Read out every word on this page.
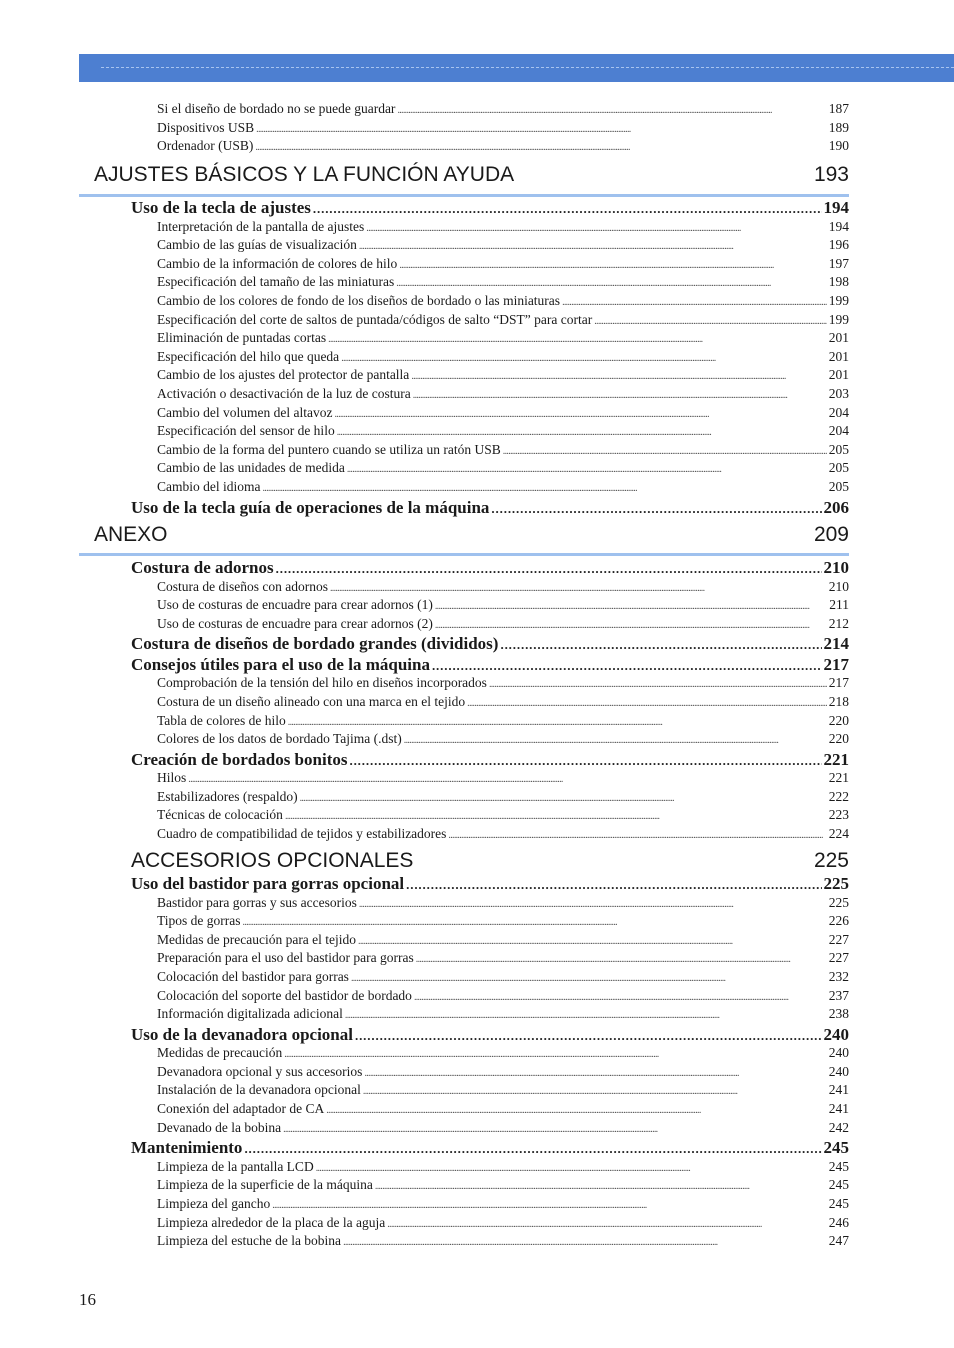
Si el diseño de bordado no se puede guardar . . .	187
Dispositivos USB . . .	189
Ordenador (USB) . . .	190
AJUSTES BÁSICOS Y LA FUNCIÓN AYUDA	193
Uso de la tecla de ajustes . . .	194
Interpretación de la pantalla de ajustes . . .	194
Cambio de las guías de visualización . . .	196
Cambio de la información de colores de hilo . . .	197
Especificación del tamaño de las miniaturas . . .	198
Cambio de los colores de fondo de los diseños de bordado o las miniaturas . . .	199
Especificación del corte de saltos de puntada/códigos de salto “DST” para cortar . . .	199
Eliminación de puntadas cortas . . .	201
Especificación del hilo que queda . . .	201
Cambio de los ajustes del protector de pantalla . . .	201
Activación o desactivación de la luz de costura . . .	203
Cambio del volumen del altavoz . . .	204
Especificación del sensor de hilo . . .	204
Cambio de la forma del puntero cuando se utiliza un ratón USB . . .	205
Cambio de las unidades de medida . . .	205
Cambio del idioma . . .	205
Uso de la tecla guía de operaciones de la máquina . . .	206
ANEXO	209
Costura de adornos . . .	210
Costura de diseños con adornos . . .	210
Uso de costuras de encuadre para crear adornos (1) . . .	211
Uso de costuras de encuadre para crear adornos (2) . . .	212
Costura de diseños de bordado grandes (divididos) . . .	214
Consejos útiles para el uso de la máquina . . .	217
Comprobación de la tensión del hilo en diseños incorporados . . .	217
Costura de un diseño alineado con una marca en el tejido . . .	218
Tabla de colores de hilo . . .	220
Colores de los datos de bordado Tajima (.dst) . . .	220
Creación de bordados bonitos . . .	221
Hilos . . .	221
Estabilizadores (respaldo) . . .	222
Técnicas de colocación . . .	223
Cuadro de compatibilidad de tejidos y estabilizadores . . .	224
ACCESORIOS OPCIONALES	225
Uso del bastidor para gorras opcional . . .	225
Bastidor para gorras y sus accesorios . . .	225
Tipos de gorras . . .	226
Medidas de precaución para el tejido . . .	227
Preparación para el uso del bastidor para gorras . . .	227
Colocación del bastidor para gorras . . .	232
Colocación del soporte del bastidor de bordado . . .	237
Información digitalizada adicional . . .	238
Uso de la devanadora opcional . . .	240
Medidas de precaución . . .	240
Devanadora opcional y sus accesorios . . .	240
Instalación de la devanadora opcional . . .	241
Conexión del adaptador de CA . . .	241
Devanado de la bobina . . .	242
Mantenimiento . . .	245
Limpieza de la pantalla LCD . . .	245
Limpieza de la superficie de la máquina . . .	245
Limpieza del gancho . . .	245
Limpieza alrededor de la placa de la aguja . . .	246
Limpieza del estuche de la bobina . . .	247
16
